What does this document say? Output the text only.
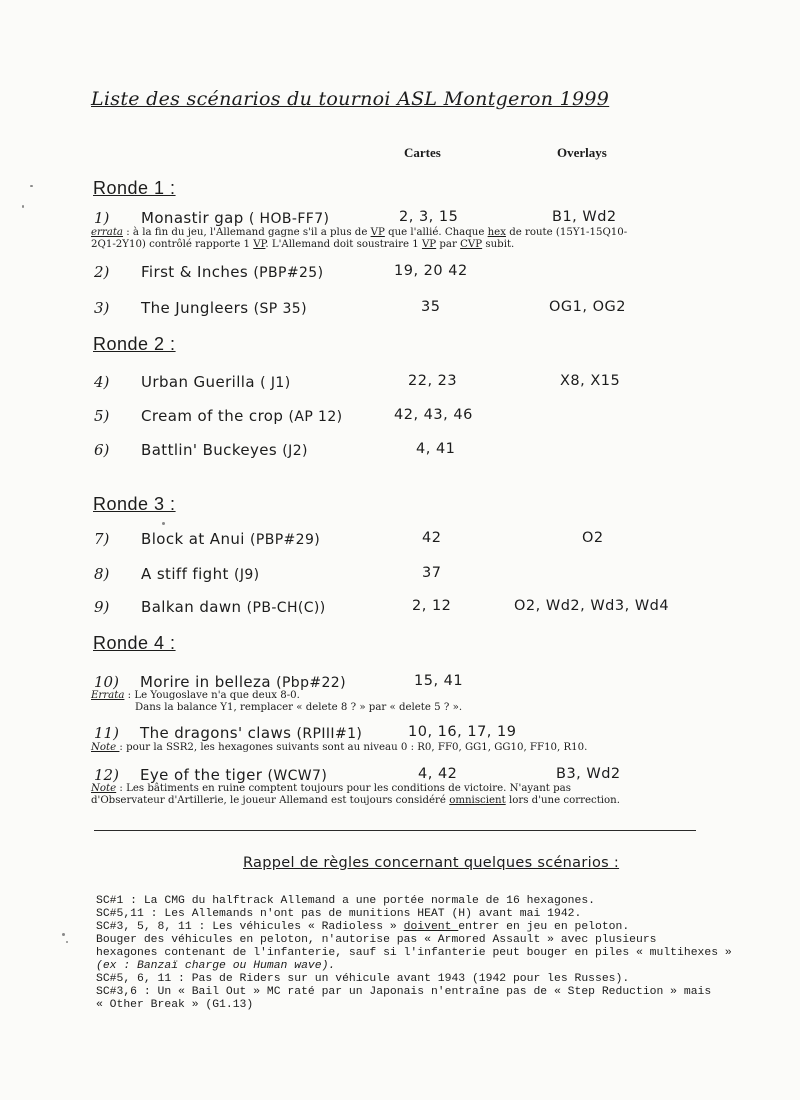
Liste des scénarios du tournoi ASL Montgeron 1999
Cartes	Overlays
Ronde 1 :
1) Monastir gap ( HOB-FF7)	2, 3, 15	B1, Wd2
errata : à la fin du jeu, l'Allemand gagne s'il a plus de VP que l'allié. Chaque hex de route (15Y1-15Q10-
2Q1-2Y10) contrôlé rapporte 1 VP. L'Allemand doit soustraire 1 VP par CVP subit.
2) First & Inches (PBP#25)	19, 20 42
3) The Jungleers (SP 35)	35	OG1, OG2
Ronde 2 :
4) Urban Guerilla ( J1)	22, 23	X8, X15
5) Cream of the crop (AP 12)	42, 43, 46
6) Battlin' Buckeyes (J2)	4, 41
Ronde 3 :
7) Block at Anui (PBP#29)	42	O2
8) A stiff fight (J9)	37
9) Balkan dawn (PB-CH(C))	2, 12	O2, Wd2, Wd3, Wd4
Ronde 4 :
10) Morire in belleza (Pbp#22)	15, 41
Errata : Le Yougoslave n'a que deux 8-0.
Dans la balance Y1, remplacer « delete 8 ? » par « delete 5 ? ».
11) The dragons' claws (RPIII#1)	10, 16, 17, 19
Note : pour la SSR2, les hexagones suivants sont au niveau 0 : R0, FF0, GG1, GG10, FF10, R10.
12) Eye of the tiger (WCW7)	4, 42	B3, Wd2
Note : Les bâtiments en ruine comptent toujours pour les conditions de victoire. N'ayant pas
d'Observateur d'Artillerie, le joueur Allemand est toujours considéré omniscient lors d'une correction.
Rappel de règles concernant quelques scénarios :
SC#1 : La CMG du halftrack Allemand a une portée normale de 16 hexagones.
SC#5,11 : Les Allemands n'ont pas de munitions HEAT (H) avant mai 1942.
SC#3, 5, 8, 11 : Les véhicules « Radioless » doivent entrer en jeu en peloton.
Bouger des véhicules en peloton, n'autorise pas « Armored Assault » avec plusieurs
hexagones contenant de l'infanterie, sauf si l'infanterie peut bouger en piles « multihexes »
(ex : Banzaï charge ou Human wave).
SC#5, 6, 11 : Pas de Riders sur un véhicule avant 1943 (1942 pour les Russes).
SC#3,6 : Un « Bail Out » MC raté par un Japonais n'entraîne pas de « Step Reduction » mais
« Other Break » (G1.13)
